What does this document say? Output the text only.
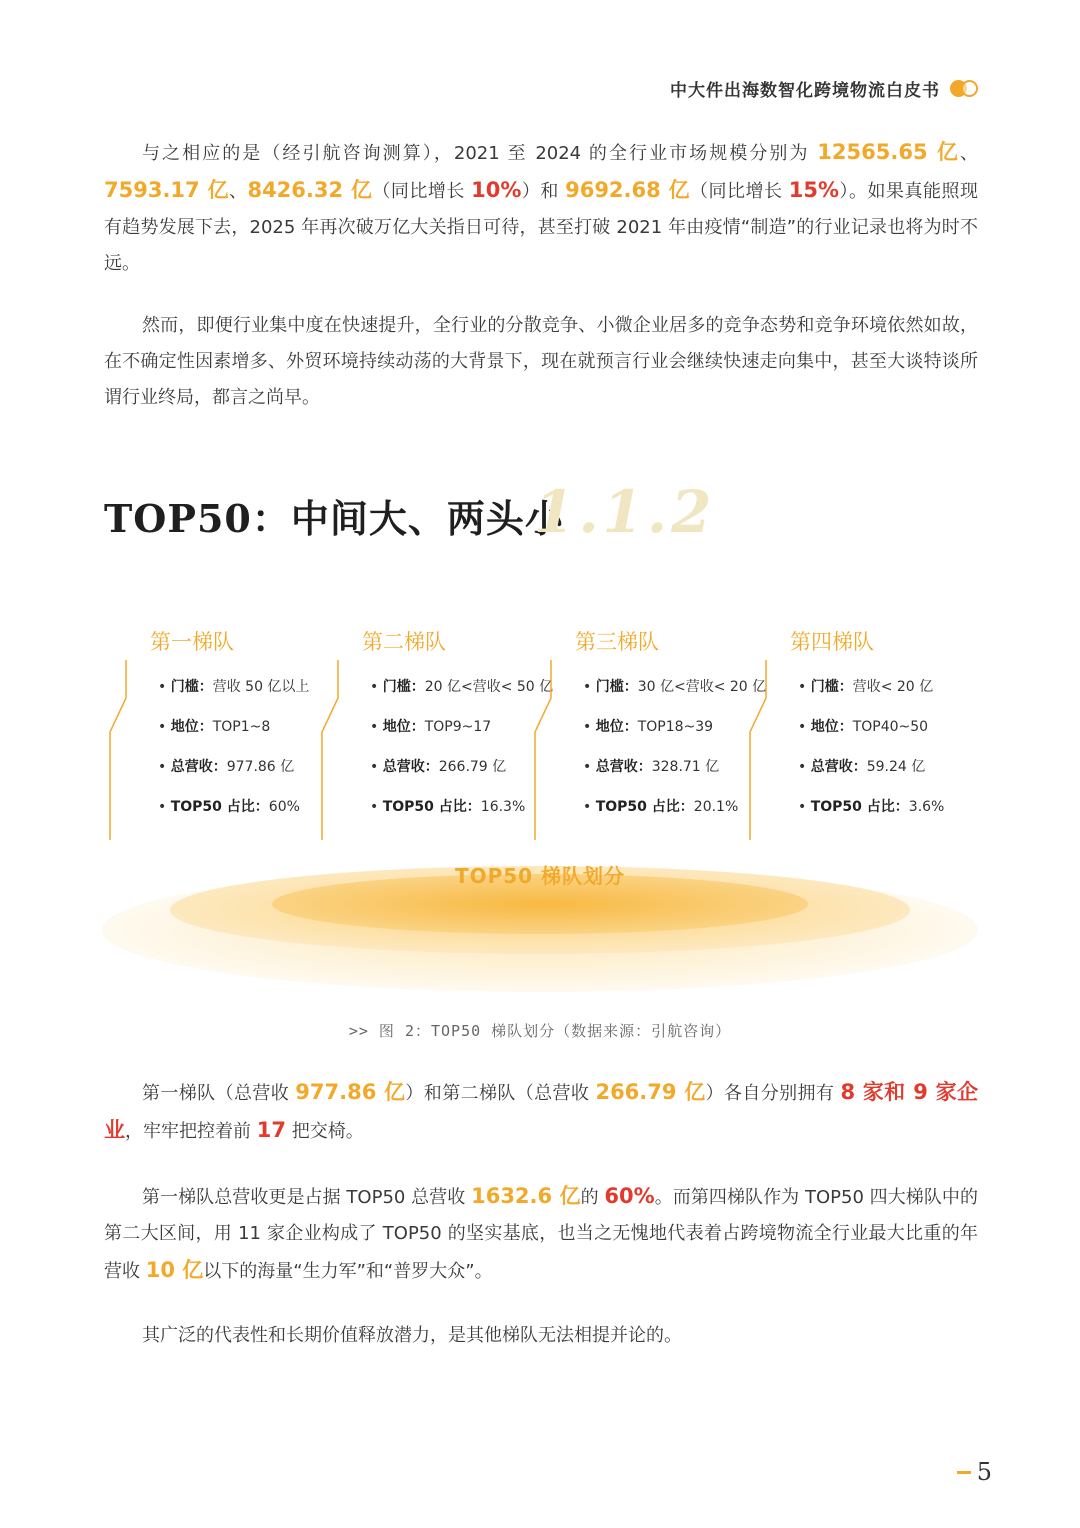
中大件出海数智化跨境物流白皮书

与之相应的是（经引航咨询测算），2021 至 2024 的全行业市场规模分别为 12565.65 亿、7593.17 亿、8426.32 亿（同比增长 10%）和 9692.68 亿（同比增长 15%）。如果真能照现有趋势发展下去，2025 年再次破万亿大关指日可待，甚至打破 2021 年由疫情“制造”的行业记录也将为时不远。

然而，即便行业集中度在快速提升，全行业的分散竞争、小微企业居多的竞争态势和竞争环境依然如故，在不确定性因素增多、外贸环境持续动荡的大背景下，现在就预言行业会继续快速走向集中，甚至大谈特谈所谓行业终局，都言之尚早。

TOP50：中间大、两头小
1.1.2
第一梯队
• 门槛：营收 50 亿以上
• 地位：TOP1~8
• 总营收：977.86 亿
• TOP50 占比：60%
第二梯队
• 门槛：20 亿<营收< 50 亿
• 地位：TOP9~17
• 总营收：266.79 亿
• TOP50 占比：16.3%
第三梯队
• 门槛：30 亿<营收< 20 亿
• 地位：TOP18~39
• 总营收：328.71 亿
• TOP50 占比：20.1%
第四梯队
• 门槛：营收< 20 亿
• 地位：TOP40~50
• 总营收：59.24 亿
• TOP50 占比：3.6%
TOP50 梯队划分
>> 图 2：TOP50 梯队划分（数据来源：引航咨询）

第一梯队（总营收 977.86 亿）和第二梯队（总营收 266.79 亿）各自分别拥有 8 家和 9 家企业，牢牢把控着前 17 把交椅。

第一梯队总营收更是占据 TOP50 总营收 1632.6 亿的 60%。而第四梯队作为 TOP50 四大梯队中的第二大区间，用 11 家企业构成了 TOP50 的坚实基底，也当之无愧地代表着占跨境物流全行业最大比重的年营收 10 亿以下的海量“生力军”和“普罗大众”。

其广泛的代表性和长期价值释放潜力，是其他梯队无法相提并论的。

5
